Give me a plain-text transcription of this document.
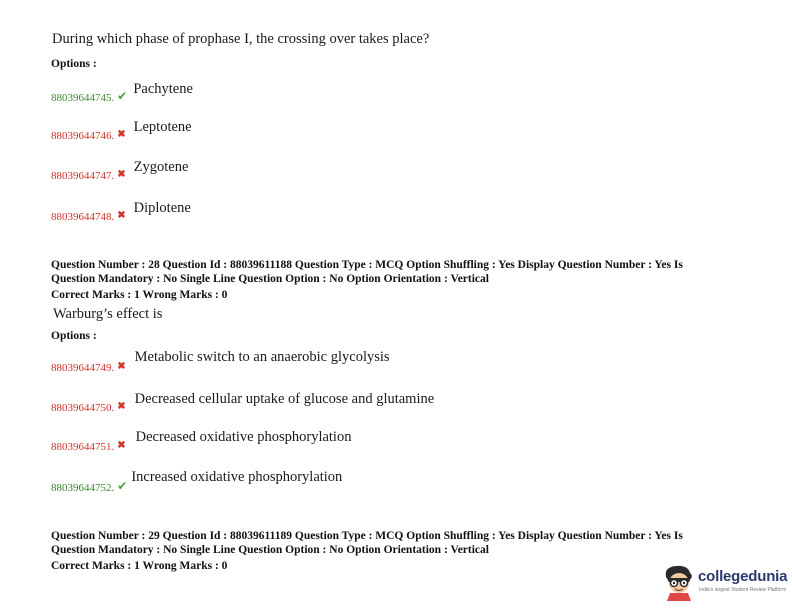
During which phase of prophase I, the crossing over takes place?
Options :
$_{88039644745.}$ ✔ Pachytene
$_{88039644746.}$ ✖ Leptotene
$_{88039644747.}$ ✖ Zygotene
$_{88039644748.}$ ✖ Diplotene
Question Number : 28 Question Id : 88039611188 Question Type : MCQ Option Shuffling : Yes Display Question Number : Yes Is
Question Mandatory : No Single Line Question Option : No Option Orientation : Vertical
Correct Marks : 1 Wrong Marks : 0
Warburg’s effect is
Options :
$_{88039644749.}$ ✖ Metabolic switch to an anaerobic glycolysis
$_{88039644750.}$ ✖ Decreased cellular uptake of glucose and glutamine
$_{88039644751.}$ ✖ Decreased oxidative phosphorylation
$_{88039644752.}$ ✔ Increased oxidative phosphorylation
Question Number : 29 Question Id : 88039611189 Question Type : MCQ Option Shuffling : Yes Display Question Number : Yes Is
Question Mandatory : No Single Line Question Option : No Option Orientation : Vertical
Correct Marks : 1 Wrong Marks : 0
collegedunia
India's largest Student Review Platform
